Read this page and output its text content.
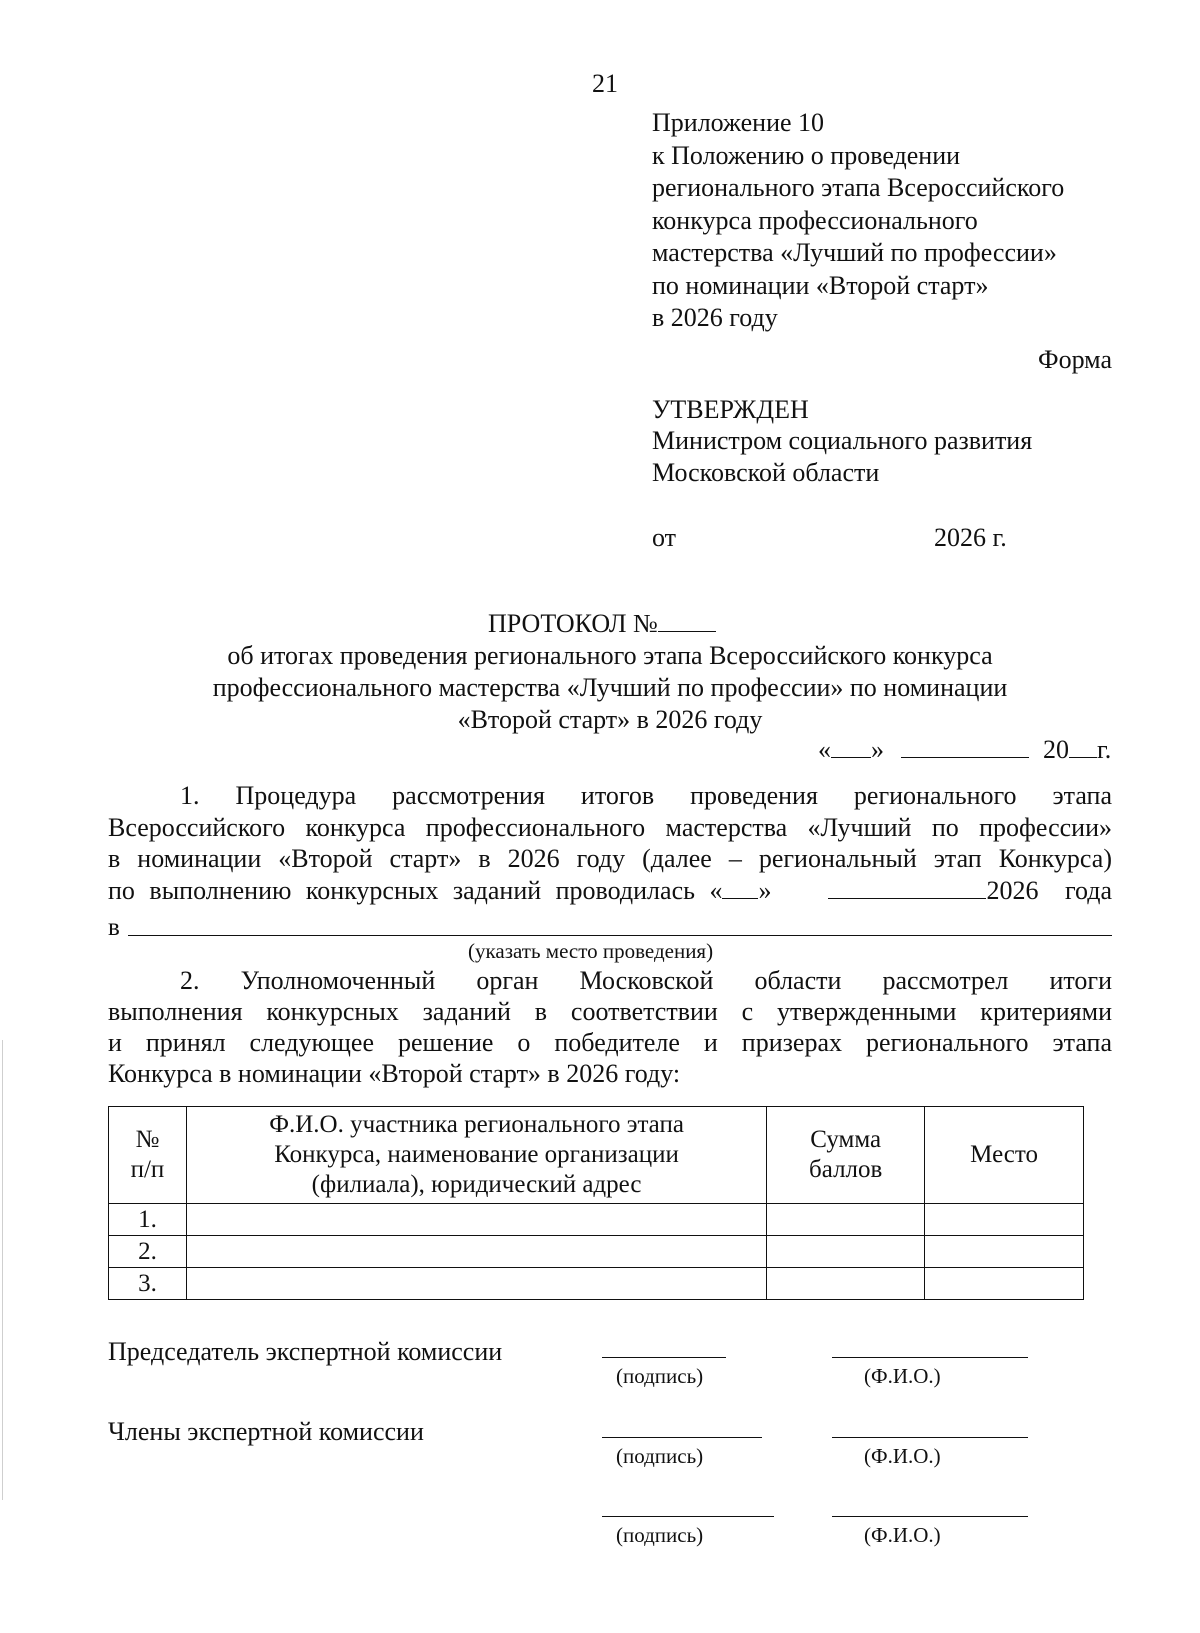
21
Приложение 10
к Положению о проведении
регионального этапа Всероссийского
конкурса профессионального
мастерства «Лучший по профессии»
по номинации «Второй старт»
в 2026 году
Форма
УТВЕРЖДЕН
Министром социального развития
Московской области
от	2026 г.
ПРОТОКОЛ №
об итогах проведения регионального этапа Всероссийского конкурса
профессионального мастерства «Лучший по профессии» по номинации
«Второй старт» в 2026 году
« »	20 г.
1. Процедура рассмотрения итогов проведения регионального этапа
Всероссийского конкурса профессионального мастерства «Лучший по профессии»
в номинации «Второй старт» в 2026 году (далее – региональный этап Конкурса)
по выполнению конкурсных заданий проводилась « »	2026 года
в
(указать место проведения)
2. Уполномоченный орган Московской области рассмотрел итоги
выполнения конкурсных заданий в соответствии с утвержденными критериями
и принял следующее решение о победителе и призерах регионального этапа
Конкурса в номинации «Второй старт» в 2026 году:
№ п/п	Ф.И.О. участника регионального этапа Конкурса, наименование организации (филиала), юридический адрес	Сумма баллов	Место

1.			
2.			
3.			
Председатель экспертной комиссии
(подпись)	(Ф.И.О.)
Члены экспертной комиссии
(подпись)	(Ф.И.О.)
(подпись)	(Ф.И.О.)
